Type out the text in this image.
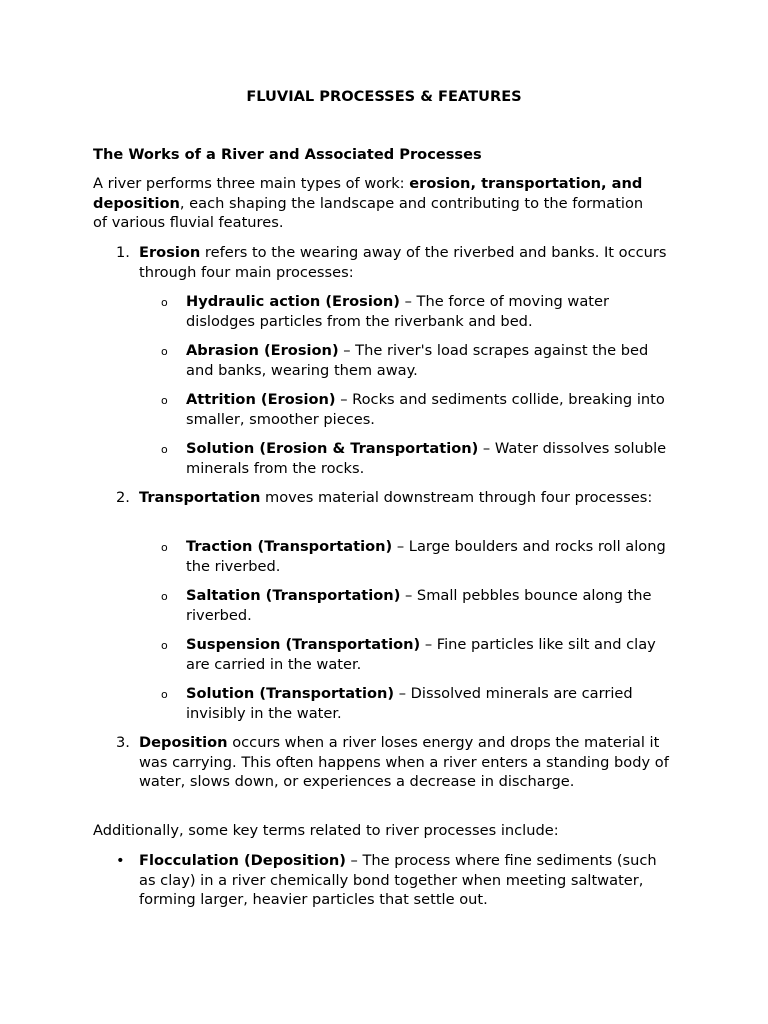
FLUVIAL PROCESSES & FEATURES
The Works of a River and Associated Processes
A river performs three main types of work: erosion, transportation, and deposition, each shaping the landscape and contributing to the formation of various fluvial features.
1. Erosion refers to the wearing away of the riverbed and banks. It occurs through four main processes:
o Hydraulic action (Erosion) – The force of moving water dislodges particles from the riverbank and bed.
o Abrasion (Erosion) – The river's load scrapes against the bed and banks, wearing them away.
o Attrition (Erosion) – Rocks and sediments collide, breaking into smaller, smoother pieces.
o Solution (Erosion & Transportation) – Water dissolves soluble minerals from the rocks.
2. Transportation moves material downstream through four processes:
o Traction (Transportation) – Large boulders and rocks roll along the riverbed.
o Saltation (Transportation) – Small pebbles bounce along the riverbed.
o Suspension (Transportation) – Fine particles like silt and clay are carried in the water.
o Solution (Transportation) – Dissolved minerals are carried invisibly in the water.
3. Deposition occurs when a river loses energy and drops the material it was carrying. This often happens when a river enters a standing body of water, slows down, or experiences a decrease in discharge.
Additionally, some key terms related to river processes include:
• Flocculation (Deposition) – The process where fine sediments (such as clay) in a river chemically bond together when meeting saltwater, forming larger, heavier particles that settle out.
